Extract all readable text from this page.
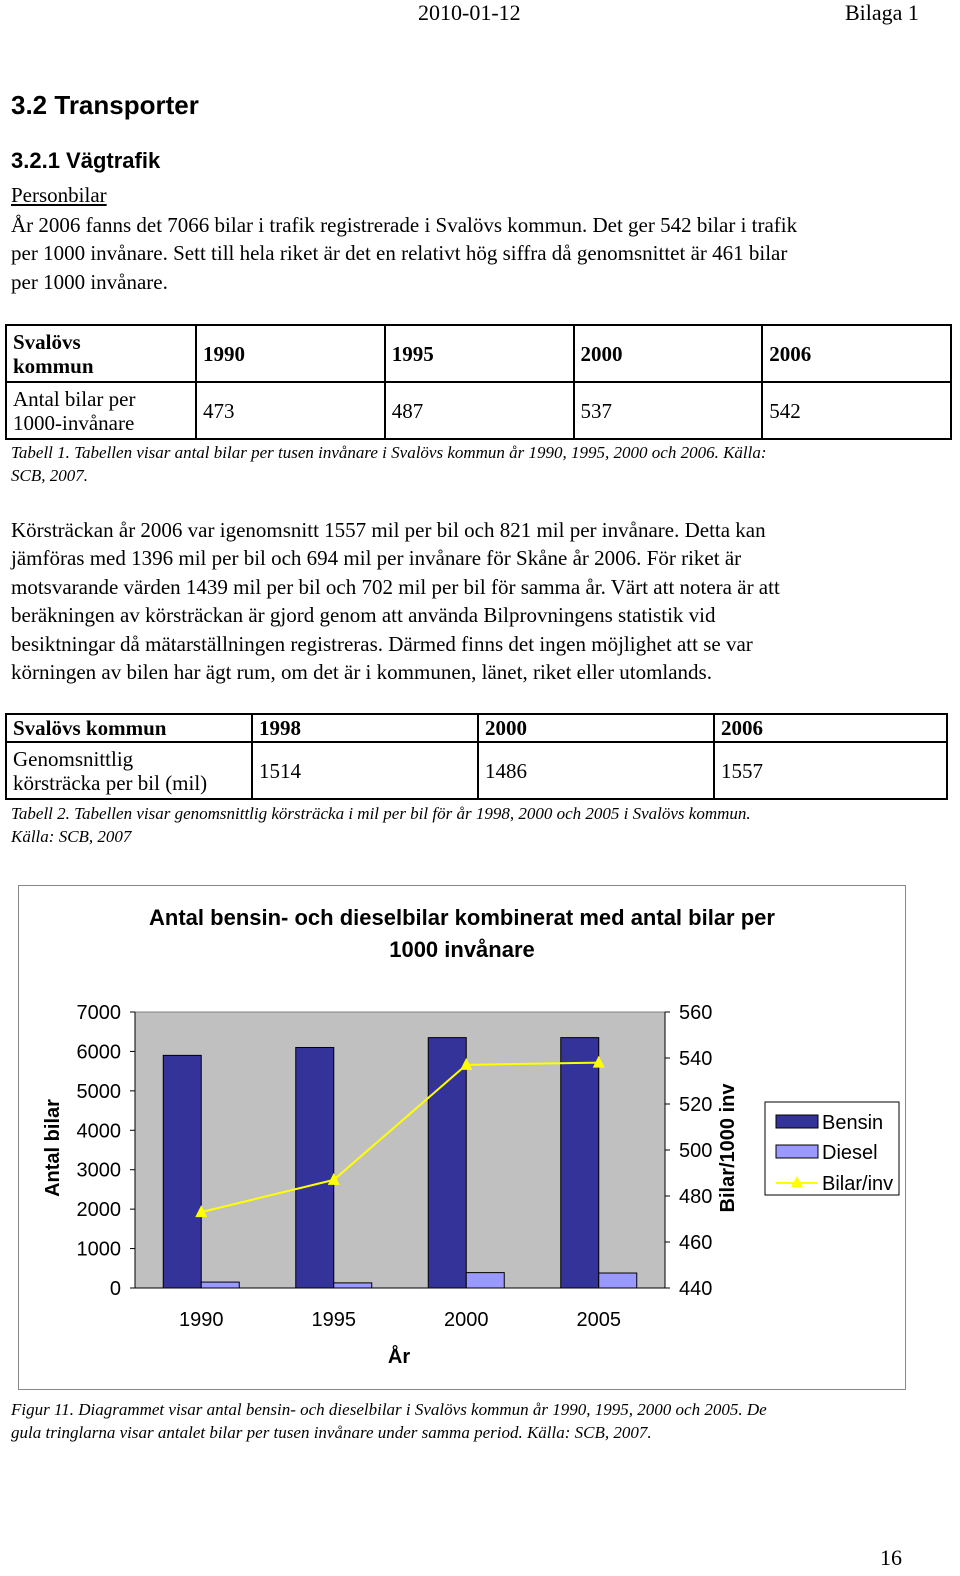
2010-01-12	Bilaga 1
3.2 Transporter
3.2.1 Vägtrafik
Personbilar
År 2006 fanns det 7066 bilar i trafik registrerade i Svalövs kommun. Det ger 542 bilar i trafik
per 1000 invånare. Sett till hela riket är det en relativt hög siffra då genomsnittet är 461 bilar
per 1000 invånare.
Svalövs
kommun	1990	1995	2000	2006

Antal bilar per
1000-invånare	473	487	537	542
Tabell 1. Tabellen visar antal bilar per tusen invånare i Svalövs kommun år 1990, 1995, 2000 och 2006. Källa:
SCB, 2007.
Körsträckan år 2006 var igenomsnitt 1557 mil per bil och 821 mil per invånare. Detta kan
jämföras med 1396 mil per bil och 694 mil per invånare för Skåne år 2006. För riket är
motsvarande värden 1439 mil per bil och 702 mil per bil för samma år. Värt att notera är att
beräkningen av körsträckan är gjord genom att använda Bilprovningens statistik vid
besiktningar då mätarställningen registreras. Därmed finns det ingen möjlighet att se var
körningen av bilen har ägt rum, om det är i kommunen, länet, riket eller utomlands.
Svalövs kommun	1998	2000	2006

Genomsnittlig
körsträcka per bil (mil)	1514	1486	1557
Tabell 2. Tabellen visar genomsnittlig körsträcka i mil per bil för år 1998, 2000 och 2005 i Svalövs kommun.
Källa: SCB, 2007
Antal bensin- och dieselbilar kombinerat med antal bilar per
1000 invånare
0
1000
2000
3000
4000
5000
6000
7000
440
460
480
500
520
540
560
1990	1995	2000	2005
Antal bilar	Bilar/1000 inv
År
Bensin
Diesel
Bilar/inv
Figur 11. Diagrammet visar antal bensin- och dieselbilar i Svalövs kommun år 1990, 1995, 2000 och 2005. De
gula tringlarna visar antalet bilar per tusen invånare under samma period. Källa: SCB, 2007.
16
